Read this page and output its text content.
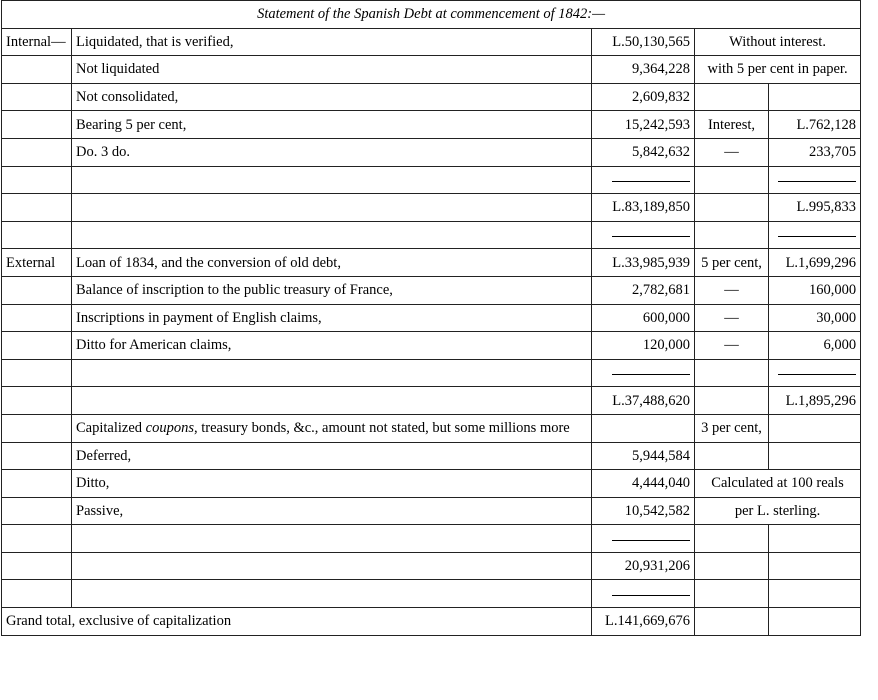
Statement of the Spanish Debt at commencement of 1842:—				
Internal—	Liquidated, that is verified,	L.50,130,565	Without interest.	
	Not liquidated	9,364,228	with 5 per cent in paper.	
	Not consolidated,	2,609,832		
	Bearing 5 per cent,	15,242,593	Interest,	L.762,128
	Do. 3 do.	5,842,632	—	233,705

		L.83,189,850		L.995,833

External	Loan of 1834, and the conversion of old debt,	L.33,985,939	5 per cent,	L.1,699,296
	Balance of inscription to the public treasury of France,	2,782,681	—	160,000
	Inscriptions in payment of English claims,	600,000	—	30,000
	Ditto for American claims,	120,000	—	6,000

		L.37,488,620		L.1,895,296
	Capitalized coupons, treasury bonds, &c., amount not stated, but some millions more		3 per cent,	
	Deferred,	5,944,584		
	Ditto,	4,444,040	Calculated at 100 reals	
	Passive,	10,542,582	per L. sterling.	

		20,931,206		

Grand total, exclusive of capitalization		L.141,669,676		
